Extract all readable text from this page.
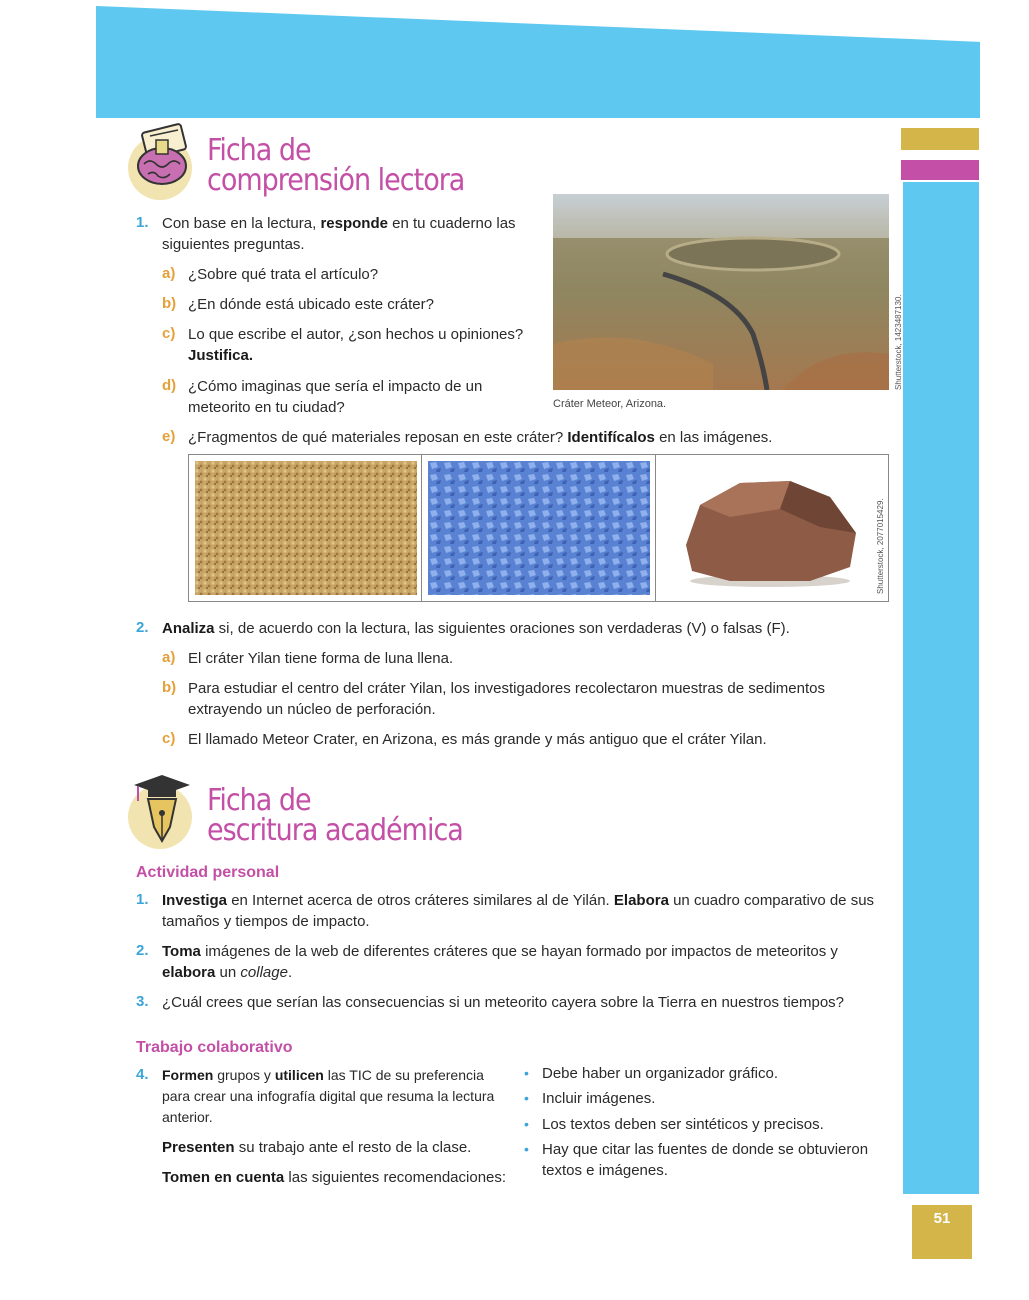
51
Ficha de
comprensión lectora
1. Con base en la lectura, responde en tu cuaderno las siguientes preguntas.
a) ¿Sobre qué trata el artículo?
b) ¿En dónde está ubicado este cráter?
c) Lo que escribe el autor, ¿son hechos u opiniones?
Justifica.
d) ¿Cómo imaginas que sería el impacto de un meteorito en tu ciudad?	Cráter Meteor, Arizona.
Shutterstock, 1423487130.
e) ¿Fragmentos de qué materiales reposan en este cráter? Identifícalos en las imágenes.
Shutterstock, 2077015429.
2. Analiza si, de acuerdo con la lectura, las siguientes oraciones son verdaderas (V) o falsas (F).
a) El cráter Yilan tiene forma de luna llena.
b) Para estudiar el centro del cráter Yilan, los investigadores recolectaron muestras de sedimentos extrayendo un núcleo de perforación.
c) El llamado Meteor Crater, en Arizona, es más grande y más antiguo que el cráter Yilan.
Ficha de
escritura académica
Actividad personal
1. Investiga en Internet acerca de otros cráteres similares al de Yilán. Elabora un cuadro comparativo de sus tamaños y tiempos de impacto.
2. Toma imágenes de la web de diferentes cráteres que se hayan formado por impactos de meteoritos y elabora un collage.
3. ¿Cuál crees que serían las consecuencias si un meteorito cayera sobre la Tierra en nuestros tiempos?
Trabajo colaborativo
4. Formen grupos y utilicen las TIC de su preferencia para crear una infografía digital que resuma la lectura anterior.
Presenten su trabajo ante el resto de la clase.
Tomen en cuenta las siguientes recomendaciones:
• Debe haber un organizador gráfico.
• Incluir imágenes.
• Los textos deben ser sintéticos y precisos.
• Hay que citar las fuentes de donde se obtuvieron textos e imágenes.
